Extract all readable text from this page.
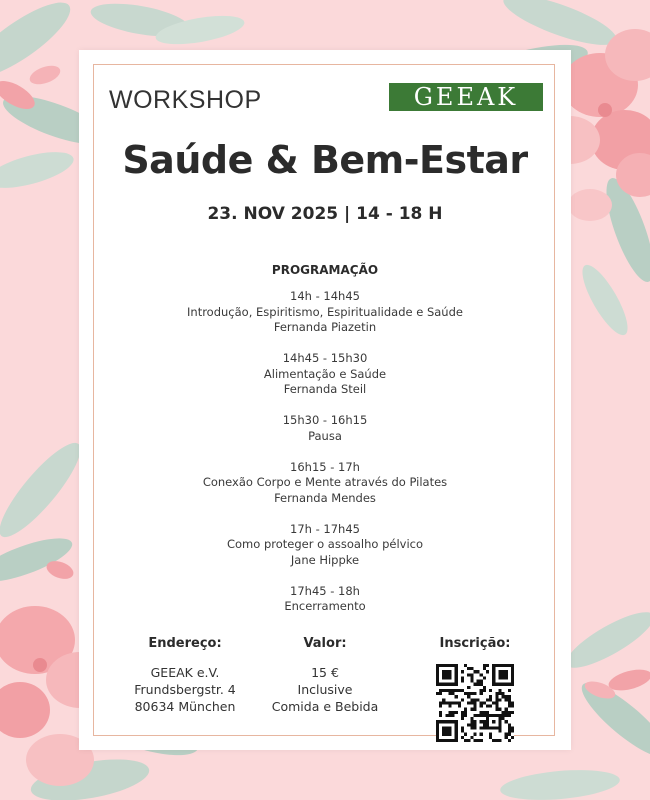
WORKSHOP	GEEAK
Saúde & Bem-Estar
23. NOV 2025 | 14 - 18 H
PROGRAMAÇÃO
14h - 14h45
Introdução, Espiritismo, Espiritualidade e Saúde
Fernanda Piazetin
14h45 - 15h30
Alimentação e Saúde
Fernanda Steil
15h30 - 16h15
Pausa
16h15 - 17h
Conexão Corpo e Mente através do Pilates
Fernanda Mendes
17h - 17h45
Como proteger o assoalho pélvico
Jane Hippke
17h45 - 18h
Encerramento
Endereço:
GEEAK e.V.
Frundsbergstr. 4
80634 München
Valor:
15 €
Inclusive
Comida e Bebida
Inscrição:
